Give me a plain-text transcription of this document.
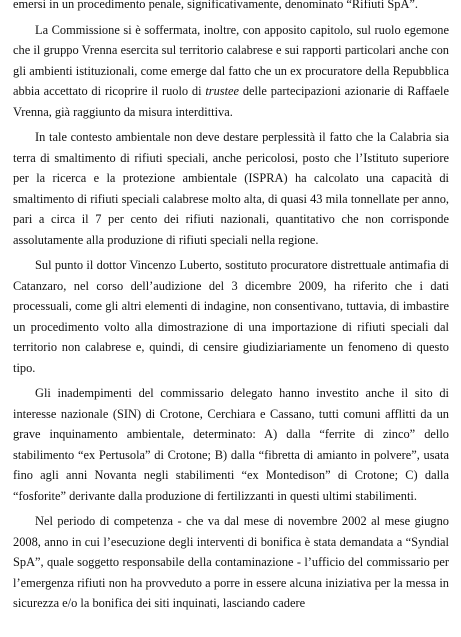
emersi in un procedimento penale, significativamente, denominato “Rifiuti SpA”.

La Commissione si è soffermata, inoltre, con apposito capitolo, sul ruolo egemone che il gruppo Vrenna esercita sul territorio calabrese e sui rapporti particolari anche con gli ambienti istituzionali, come emerge dal fatto che un ex procuratore della Repubblica abbia accettato di ricoprire il ruolo di trustee delle partecipazioni azionarie di Raffaele Vrenna, già raggiunto da misura interdittiva.

In tale contesto ambientale non deve destare perplessità il fatto che la Calabria sia terra di smaltimento di rifiuti speciali, anche pericolosi, posto che l’Istituto superiore per la ricerca e la protezione ambientale (ISPRA) ha calcolato una capacità di smaltimento di rifiuti speciali calabrese molto alta, di quasi 43 mila tonnellate per anno, pari a circa il 7 per cento dei rifiuti nazionali, quantitativo che non corrisponde assolutamente alla produzione di rifiuti speciali nella regione.

Sul punto il dottor Vincenzo Luberto, sostituto procuratore distrettuale antimafia di Catanzaro, nel corso dell’audizione del 3 dicembre 2009, ha riferito che i dati processuali, come gli altri elementi di indagine, non consentivano, tuttavia, di imbastire un procedimento volto alla dimostrazione di una importazione di rifiuti speciali dal territorio non calabrese e, quindi, di censire giudiziariamente un fenomeno di questo tipo.

Gli inadempimenti del commissario delegato hanno investito anche il sito di interesse nazionale (SIN) di Crotone, Cerchiara e Cassano, tutti comuni afflitti da un grave inquinamento ambientale, determinato: A) dalla “ferrite di zinco” dello stabilimento “ex Pertusola” di Crotone; B) dalla “fibretta di amianto in polvere”, usata fino agli anni Novanta negli stabilimenti “ex Montedison” di Crotone; C) dalla “fosforite” derivante dalla produzione di fertilizzanti in questi ultimi stabilimenti.

Nel periodo di competenza - che va dal mese di novembre 2002 al mese giugno 2008, anno in cui l’esecuzione degli interventi di bonifica è stata demandata a “Syndial SpA”, quale soggetto responsabile della contaminazione - l’ufficio del commissario per l’emergenza rifiuti non ha provveduto a porre in essere alcuna iniziativa per la messa in sicurezza e/o la bonifica dei siti inquinati, lasciando cadere
